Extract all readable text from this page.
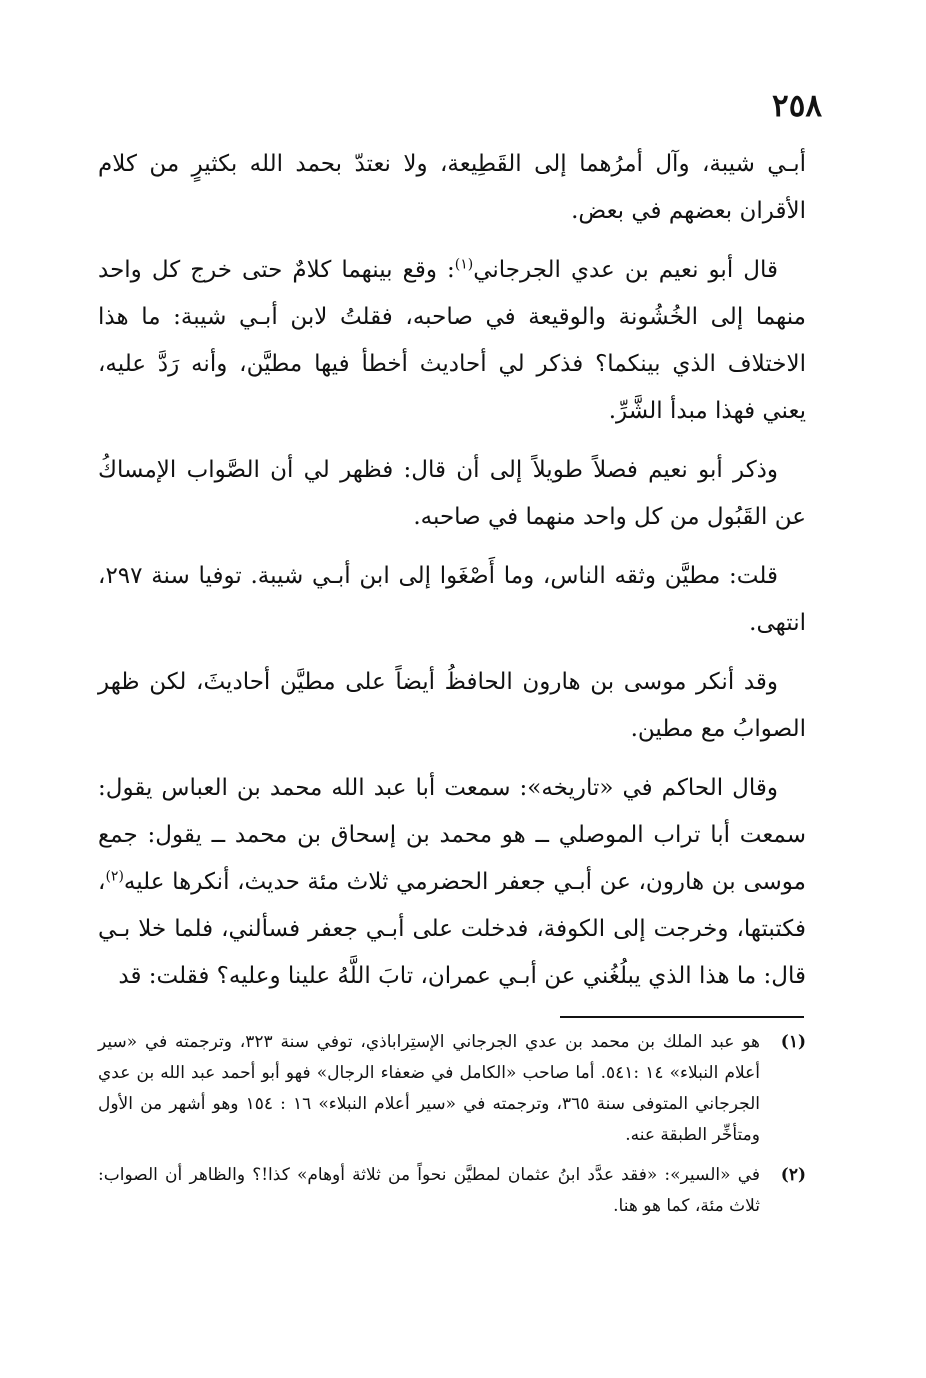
٢٥٨

أبـي شيبة، وآل أمرُهما إلى القَطِيعة، ولا نعتدّ بحمد الله بكثيرٍ من كلام الأقران بعضهم في بعض.

قال أبو نعيم بن عدي الجرجاني$^{(١)}$: وقع بينهما كلامٌ حتى خرج كل واحد منهما إلى الخُشُونة والوقيعة في صاحبه، فقلتُ لابن أبـي شيبة: ما هذا الاختلاف الذي بينكما؟ فذكر لي أحاديث أخطأ فيها مطيَّن، وأنه رَدَّ عليه، يعني فهذا مبدأ الشَّرِّ.

وذكر أبو نعيم فصلاً طويلاً إلى أن قال: فظهر لي أن الصَّواب الإمساكُ عن القَبُول من كل واحد منهما في صاحبه.

قلت: مطيَّن وثقه الناس، وما أَصْغَوا إلى ابن أبـي شيبة. توفيا سنة ٢٩٧، انتهى.

وقد أنكر موسى بن هارون الحافظُ أيضاً على مطيَّن أحاديثَ، لكن ظهر الصوابُ مع مطين.

وقال الحاكم في «تاريخه»: سمعت أبا عبد الله محمد بن العباس يقول: سمعت أبا تراب الموصلي ــ هو محمد بن إسحاق بن محمد ــ يقول: جمع موسى بن هارون، عن أبـي جعفر الحضرمي ثلاث مئة حديث، أنكرها عليه$^{(٢)}$، فكتبتها، وخرجت إلى الكوفة، فدخلت على أبـي جعفر فسألني، فلما خلا بـي قال: ما هذا الذي يبلُغُني عن أبـي عمران، تابَ اللَّهُ علينا وعليه؟ فقلت: قد

(١)
هو عبد الملك بن محمد بن عدي الجرجاني الإستِراباذي، توفي سنة ٣٢٣، وترجمته في «سير أعلام النبلاء» ١٤ :٥٤١. أما صاحب «الكامل في ضعفاء الرجال» فهو أبو أحمد عبد الله بن عدي الجرجاني المتوفى سنة ٣٦٥، وترجمته في «سير أعلام النبلاء» ١٦ : ١٥٤ وهو أشهر من الأول ومتأخِّر الطبقة عنه.
(٢)
في «السير»: «فقد عدَّد ابنُ عثمان لمطيَّن نحواً من ثلاثة أوهام» كذا!؟ والظاهر أن الصواب: ثلاث مئة، كما هو هنا.
